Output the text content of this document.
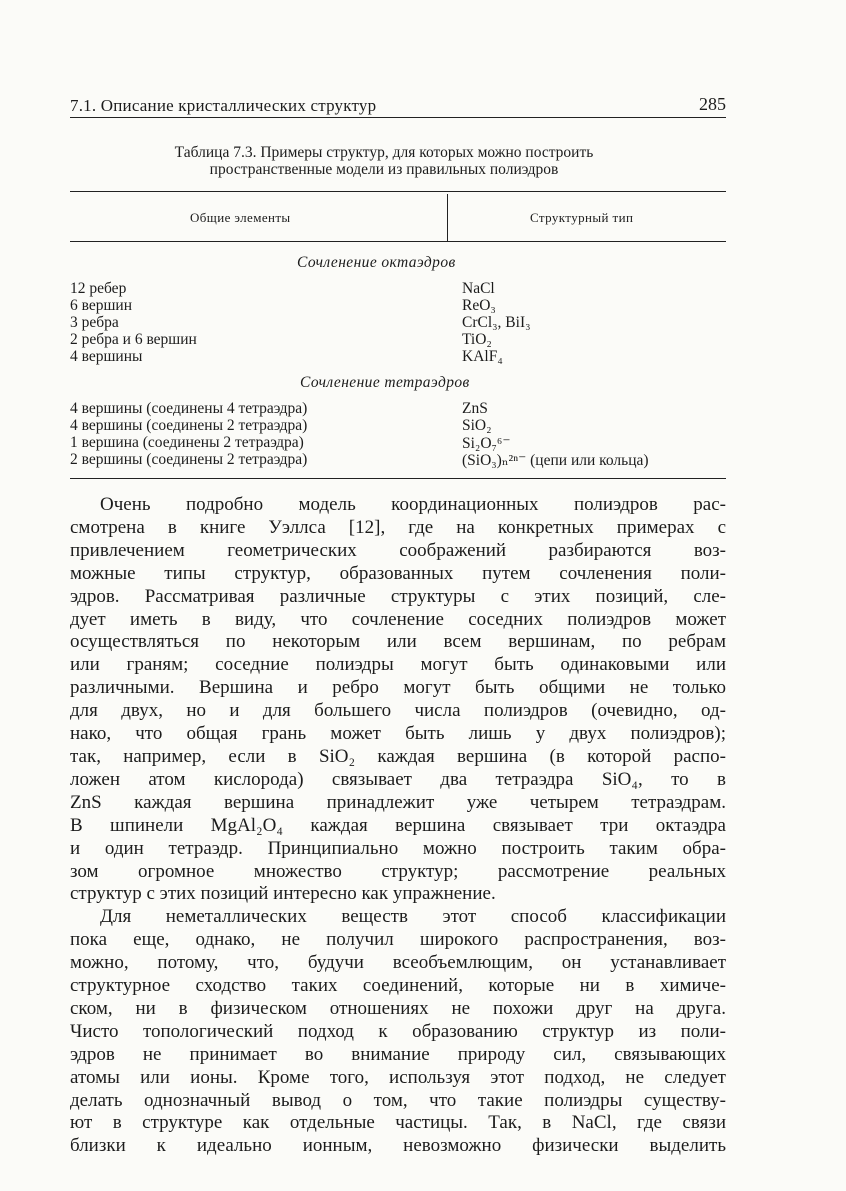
7.1. Описание кристаллических структур	285
Таблица 7.3. Примеры структур, для которых можно построить
пространственные модели из правильных полиэдров
Общие элементы	Структурный тип
Сочленение октаэдров
12 ребер	NaCl
6 вершин	ReO₃
3 ребра	CrCl₃, BiI₃
2 ребра и 6 вершин	TiO₂
4 вершины	KAlF₄
Сочленение тетраэдров
4 вершины (соединены 4 тетраэдра)	ZnS
4 вершины (соединены 2 тетраэдра)	SiO₂
1 вершина (соединены 2 тетраэдра)	Si₂O₇⁶⁻
2 вершины (соединены 2 тетраэдра)	(SiO₃)ₙ²ⁿ⁻ (цепи или кольца)

Очень подробно модель координационных полиэдров рас-
смотрена в книге Уэллса [12], где на конкретных примерах с
привлечением геометрических соображений разбираются воз-
можные типы структур, образованных путем сочленения поли-
эдров. Рассматривая различные структуры с этих позиций, сле-
дует иметь в виду, что сочленение соседних полиэдров может
осуществляться по некоторым или всем вершинам, по ребрам
или граням; соседние полиэдры могут быть одинаковыми или
различными. Вершина и ребро могут быть общими не только
для двух, но и для большего числа полиэдров (очевидно, од-
нако, что общая грань может быть лишь у двух полиэдров);
так, например, если в SiO₂ каждая вершина (в которой распо-
ложен атом кислорода) связывает два тетраэдра SiO₄, то в
ZnS каждая вершина принадлежит уже четырем тетраэдрам.
В шпинели MgAl₂O₄ каждая вершина связывает три октаэдра
и один тетраэдр. Принципиально можно построить таким обра-
зом огромное множество структур; рассмотрение реальных
структур с этих позиций интересно как упражнение.

Для неметаллических веществ этот способ классификации
пока еще, однако, не получил широкого распространения, воз-
можно, потому, что, будучи всеобъемлющим, он устанавливает
структурное сходство таких соединений, которые ни в химиче-
ском, ни в физическом отношениях не похожи друг на друга.
Чисто топологический подход к образованию структур из поли-
эдров не принимает во внимание природу сил, связывающих
атомы или ионы. Кроме того, используя этот подход, не следует
делать однозначный вывод о том, что такие полиэдры существу-
ют в структуре как отдельные частицы. Так, в NaCl, где связи
близки к идеально ионным, невозможно физически выделить
